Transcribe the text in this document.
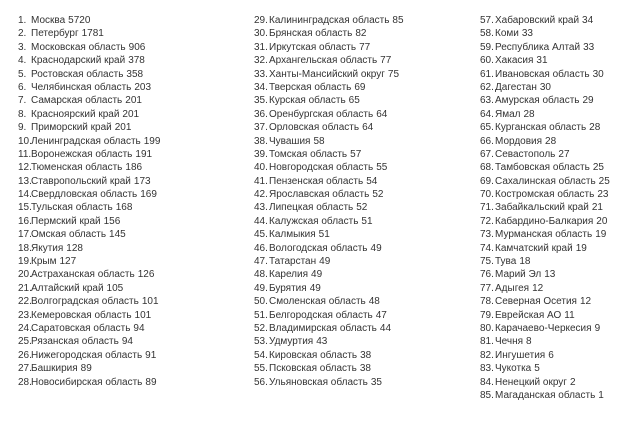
1. Москва 5720
2. Петербург 1781
3. Московская область 906
4. Краснодарский край 378
5. Ростовская область 358
6. Челябинская область 203
7. Самарская область 201
8. Красноярский край 201
9. Приморский край 201
10. Ленинградская область 199
11. Воронежская область 191
12. Тюменская область 186
13. Ставропольский край 173
14. Свердловская область 169
15. Тульская область 168
16. Пермский край 156
17. Омская область 145
18. Якутия 128
19. Крым 127
20. Астраханская область 126
21. Алтайский край 105
22. Волгоградская область 101
23. Кемеровская область 101
24. Саратовская область 94
25. Рязанская область 94
26. Нижегородская область 91
27. Башкирия 89
28. Новосибирская область 89
29. Калининградская область 85
30. Брянская область 82
31. Иркутская область 77
32. Архангельская область 77
33. Ханты-Мансийский округ 75
34. Тверская область 69
35. Курская область 65
36. Оренбургская область 64
37. Орловская область 64
38. Чувашия 58
39. Томская область 57
40. Новгородская область 55
41. Пензенская область 54
42. Ярославская область 52
43. Липецкая область 52
44. Калужская область 51
45. Калмыкия 51
46. Вологодская область 49
47. Татарстан 49
48. Карелия 49
49. Бурятия 49
50. Смоленская область 48
51. Белгородская область 47
52. Владимирская область 44
53. Удмуртия 43
54. Кировская область 38
55. Псковская область 38
56. Ульяновская область 35
57. Хабаровский край 34
58. Коми 33
59. Республика Алтай 33
60. Хакасия 31
61. Ивановская область 30
62. Дагестан 30
63. Амурская область 29
64. Ямал 28
65. Курганская область 28
66. Мордовия 28
67. Севастополь 27
68. Тамбовская область 25
69. Сахалинская область 25
70. Костромская область 23
71. Забайкальский край 21
72. Кабардино-Балкария 20
73. Мурманская область 19
74. Камчатский край 19
75. Тува 18
76. Марий Эл 13
77. Адыгея 12
78. Северная Осетия 12
79. Еврейская АО 11
80. Карачаево-Черкесия 9
81. Чечня 8
82. Ингушетия 6
83. Чукотка 5
84. Ненецкий округ 2
85. Магаданская область 1
